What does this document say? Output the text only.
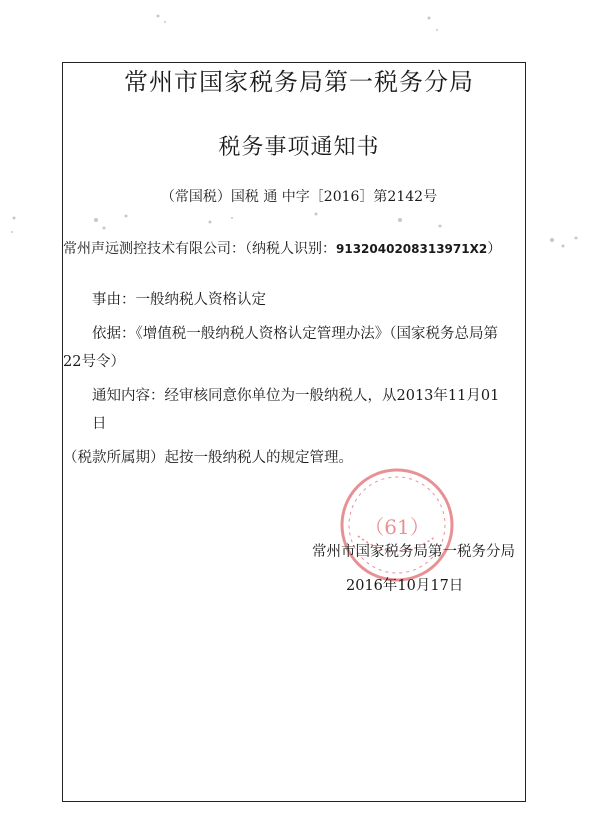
常州市国家税务局第一税务分局
税务事项通知书
（常国税）国税 通 中字［2016］第2142号
常州声远测控技术有限公司：（纳税人识别：9132040208313971X2）
事由：一般纳税人资格认定
依据：《增值税一般纳税人资格认定管理办法》（国家税务总局第
22号令）
通知内容：经审核同意你单位为一般纳税人，从2013年11月01
日
（税款所属期）起按一般纳税人的规定管理。
（61）
常州市国家税务局第一税务分局
2016年10月17日
